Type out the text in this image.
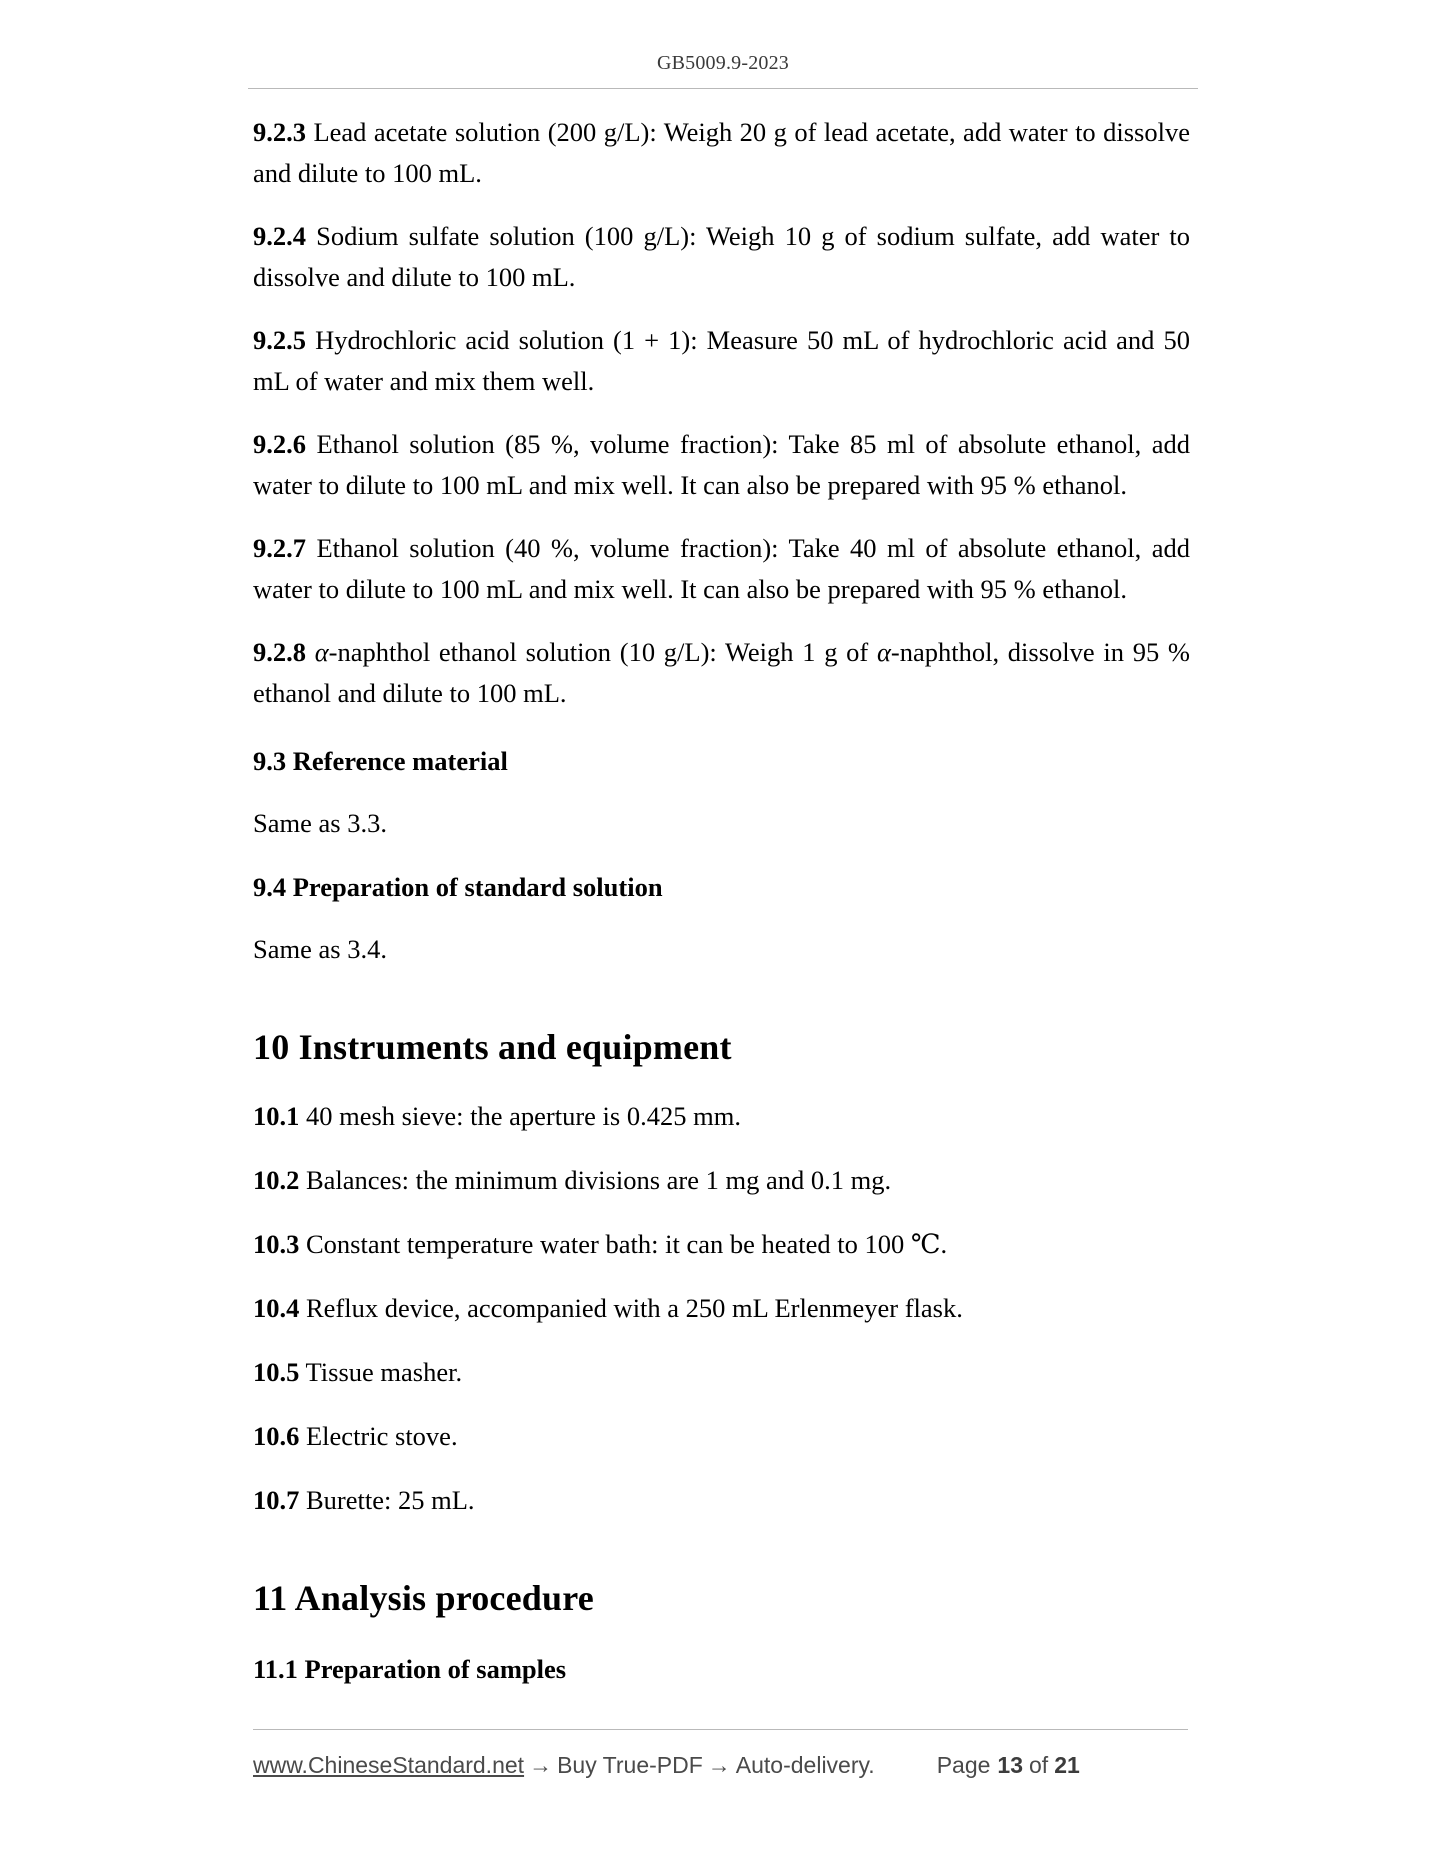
GB5009.9-2023

9.2.3 Lead acetate solution (200 g/L): Weigh 20 g of lead acetate, add water to dissolve and dilute to 100 mL.

9.2.4 Sodium sulfate solution (100 g/L): Weigh 10 g of sodium sulfate, add water to dissolve and dilute to 100 mL.

9.2.5 Hydrochloric acid solution (1 + 1): Measure 50 mL of hydrochloric acid and 50 mL of water and mix them well.

9.2.6 Ethanol solution (85 %, volume fraction): Take 85 ml of absolute ethanol, add water to dilute to 100 mL and mix well. It can also be prepared with 95 % ethanol.

9.2.7 Ethanol solution (40 %, volume fraction): Take 40 ml of absolute ethanol, add water to dilute to 100 mL and mix well. It can also be prepared with 95 % ethanol.

9.2.8 α-naphthol ethanol solution (10 g/L): Weigh 1 g of α-naphthol, dissolve in 95 % ethanol and dilute to 100 mL.

9.3 Reference material

Same as 3.3.

9.4 Preparation of standard solution

Same as 3.4.

10 Instruments and equipment

10.1 40 mesh sieve: the aperture is 0.425 mm.

10.2 Balances: the minimum divisions are 1 mg and 0.1 mg.

10.3 Constant temperature water bath: it can be heated to 100 ℃.

10.4 Reflux device, accompanied with a 250 mL Erlenmeyer flask.

10.5 Tissue masher.

10.6 Electric stove.

10.7 Burette: 25 mL.

11 Analysis procedure

11.1 Preparation of samples

www.ChineseStandard.net → Buy True-PDF → Auto-delivery.	Page 13 of 21
